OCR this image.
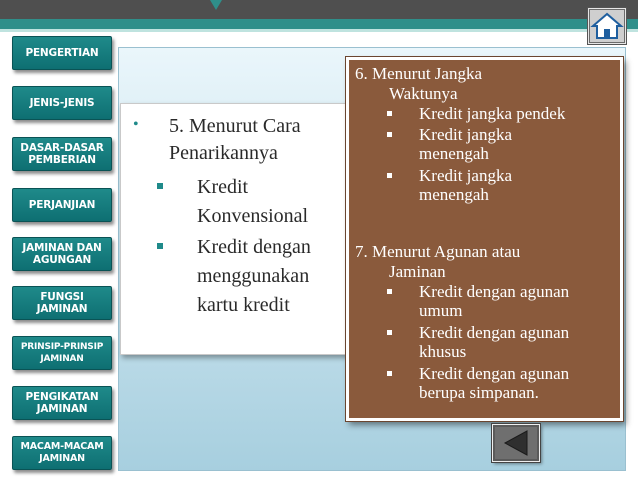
PENGERTIAN
JENIS-JENIS
DASAR-DASAR PEMBERIAN
PERJANJIAN
JAMINAN DAN AGUNGAN
FUNGSI JAMINAN
PRINSIP-PRINSIP JAMINAN
PENGIKATAN JAMINAN
MACAM-MACAM JAMINAN
• 5. Menurut Cara
Penarikannya
Kredit
Konvensional
Kredit dengan
menggunakan
kartu kredit
6. Menurut Jangka
Waktunya
Kredit jangka pendek
Kredit jangka
menengah
Kredit jangka
menengah
7. Menurut Agunan atau
Jaminan
Kredit dengan agunan
umum
Kredit dengan agunan
khusus
Kredit dengan agunan
berupa simpanan.
